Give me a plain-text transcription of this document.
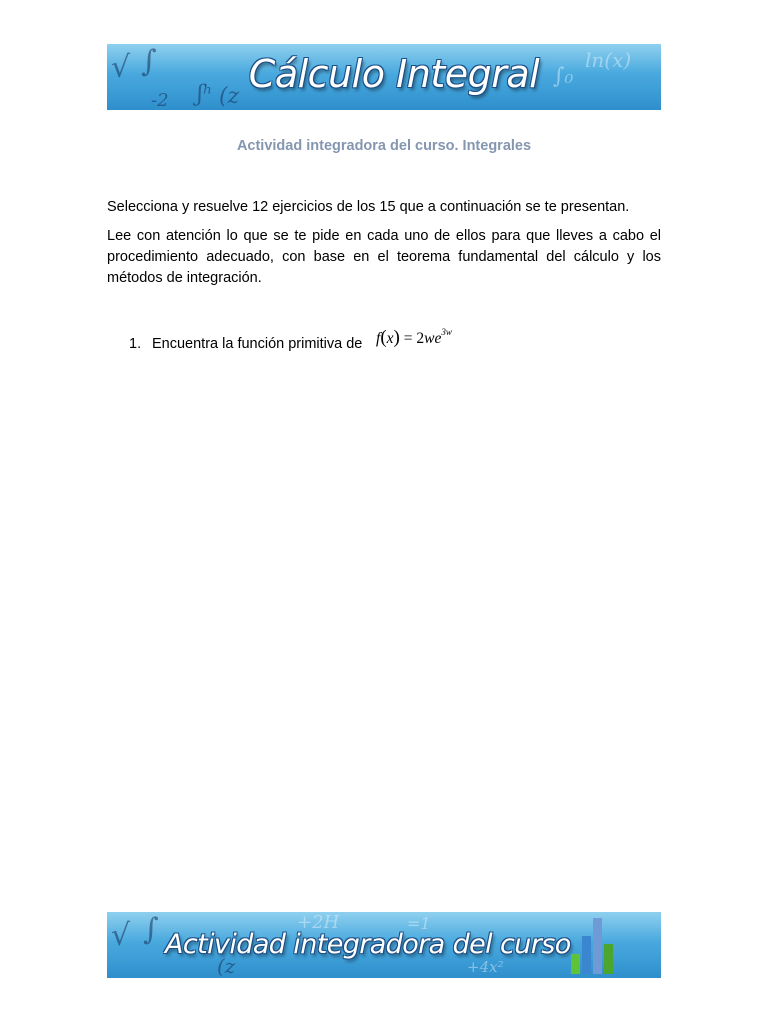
√ ∫
ʃʰ (z
-2
ln(x)
∫₀
Cálculo Integral
Actividad integradora del curso. Integrales
Selecciona y resuelve 12 ejercicios de los 15 que a continuación se te presentan.
Lee con atención lo que se te pide en cada uno de ellos para que lleves a cabo el procedimiento adecuado, con base en el teorema fundamental del cálculo y los métodos de integración.
1. Encuentra la función primitiva de $f(x) = 2we^{3w}$
√ ∫
(z
+2H	=1
+4x²
Actividad integradora del curso
